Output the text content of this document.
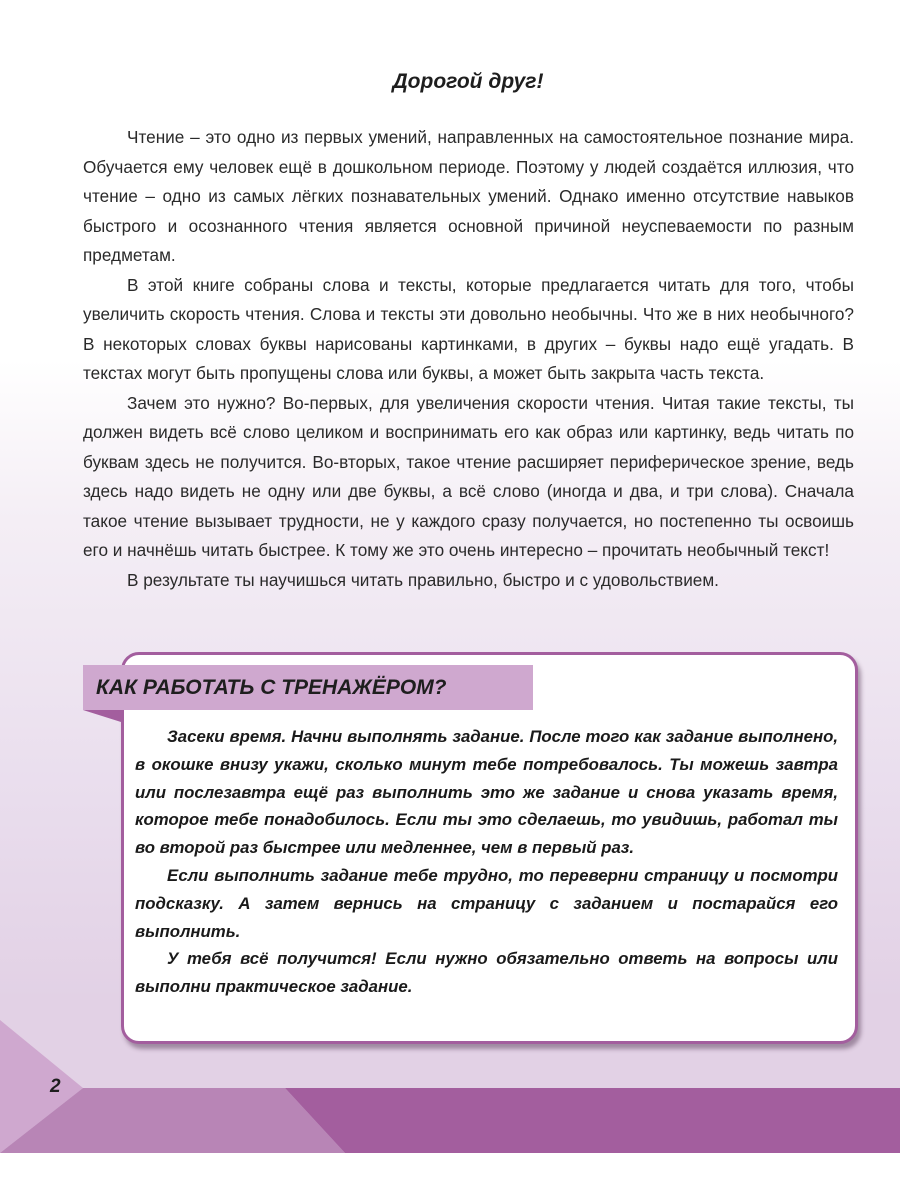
Дорогой друг!

Чтение – это одно из первых умений, направленных на самостоятельное познание мира. Обучается ему человек ещё в дошкольном периоде. Поэтому у людей создаётся иллюзия, что чтение – одно из самых лёгких познавательных умений. Однако именно отсутствие навыков быстрого и осознанного чтения является основной причиной неуспеваемости по разным предметам.

В этой книге собраны слова и тексты, которые предлагается читать для того, чтобы увеличить скорость чтения. Слова и тексты эти довольно необычны. Что же в них необычного? В некоторых словах буквы нарисованы картинками, в других – буквы надо ещё угадать. В текстах могут быть пропущены слова или буквы, а может быть закрыта часть текста.

Зачем это нужно? Во-первых, для увеличения скорости чтения. Читая такие тексты, ты должен видеть всё слово целиком и воспринимать его как образ или картинку, ведь читать по буквам здесь не получится. Во-вторых, такое чтение расширяет периферическое зрение, ведь здесь надо видеть не одну или две буквы, а всё слово (иногда и два, и три слова). Сначала такое чтение вызывает трудности, не у каждого сразу получается, но постепенно ты освоишь его и начнёшь читать быстрее. К тому же это очень интересно – прочитать необычный текст!

В результате ты научишься читать правильно, быстро и с удовольствием.

КАК РАБОТАТЬ С ТРЕНАЖЁРОМ?

Засеки время. Начни выполнять задание. После того как задание выполнено, в окошке внизу укажи, сколько минут тебе потребовалось. Ты можешь завтра или послезавтра ещё раз выполнить это же задание и снова указать время, которое тебе понадобилось. Если ты это сделаешь, то увидишь, работал ты во второй раз быстрее или медленнее, чем в первый раз.

Если выполнить задание тебе трудно, то переверни страницу и посмотри подсказку. А затем вернись на страницу с заданием и постарайся его выполнить.

У тебя всё получится! Если нужно обязательно ответь на вопросы или выполни практическое задание.

2
